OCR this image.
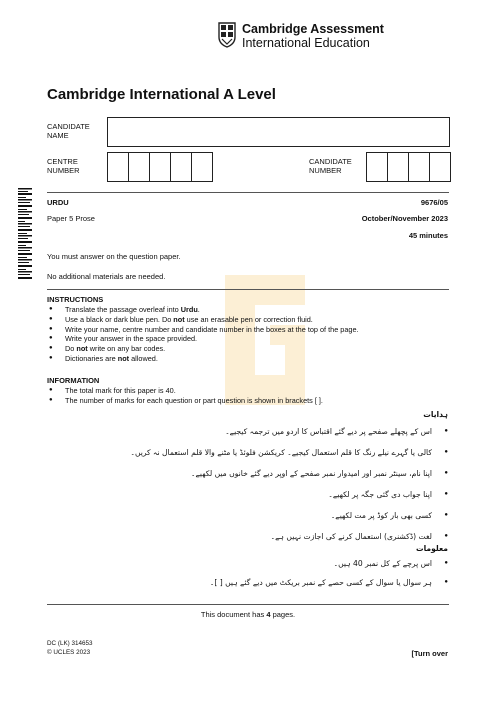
Cambridge Assessment
International Education
Cambridge International A Level
CANDIDATE
NAME
CENTRE
NUMBER
CANDIDATE
NUMBER
URDU	9676/05
Paper 5 Prose	October/November 2023
45 minutes
You must answer on the question paper.
No additional materials are needed.
INSTRUCTIONS
● Translate the passage overleaf into Urdu.
● Use a black or dark blue pen. Do not use an erasable pen or correction fluid.
● Write your name, centre number and candidate number in the boxes at the top of the page.
● Write your answer in the space provided.
● Do not write on any bar codes.
● Dictionaries are not allowed.
INFORMATION
● The total mark for this paper is 40.
● The number of marks for each question or part question is shown in brackets [ ].
ہدایات
●
اس کے پچھلے صفحے پر دیے گئے اقتباس کا اردو میں ترجمہ کیجیے۔
●
کالی یا گہرے نیلے رنگ کا قلم استعمال کیجیے۔ کریکشن فلوئڈ یا مٹنے والا قلم استعمال نہ کریں۔
●
اپنا نام، سینٹر نمبر اور امیدوار نمبر صفحے کے اوپر دیے گئے خانوں میں لکھیے۔
●
اپنا جواب دی گئی جگہ پر لکھیے۔
●
کسی بھی بار کوڈ پر مت لکھیے۔
●
لغت (ڈکشنری) استعمال کرنے کی اجازت نہیں ہے۔
معلومات
●
اس پرچے کے کل نمبر 40 ہیں۔
●
ہر سوال یا سوال کے کسی حصے کے نمبر بریکٹ میں دیے گئے ہیں [ ]۔
This document has 4 pages.
DC (LK) 314653
© UCLES 2023	[Turn over
